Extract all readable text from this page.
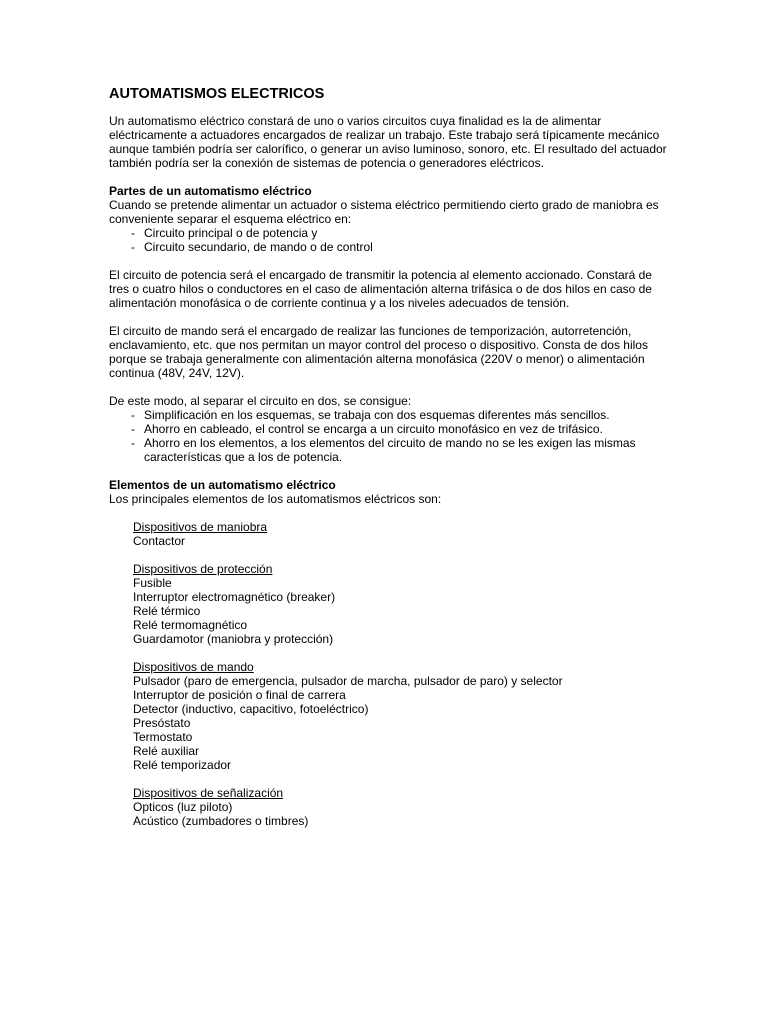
AUTOMATISMOS ELECTRICOS

Un automatismo eléctrico constará de uno o varios circuitos cuya finalidad es la de alimentar eléctricamente a actuadores encargados de realizar un trabajo. Este trabajo será típicamente mecánico aunque también podría ser calorífico, o generar un aviso luminoso, sonoro, etc. El resultado del actuador también podría ser la conexión de sistemas de potencia o generadores eléctricos.

Partes de un automatismo eléctrico

Cuando se pretende alimentar un actuador o sistema eléctrico permitiendo cierto grado de maniobra es conveniente separar el esquema eléctrico en:

- Circuito principal o de potencia y
- Circuito secundario, de mando o de control

El circuito de potencia será el encargado de transmitir la potencia al elemento accionado. Constará de tres o cuatro hilos o conductores en el caso de alimentación alterna trifásica o de dos hilos en caso de alimentación monofásica o de corriente continua y a los niveles adecuados de tensión.

El circuito de mando será el encargado de realizar las funciones de temporización, autorretención, enclavamiento, etc. que nos permitan un mayor control del proceso o dispositivo. Consta de dos hilos porque se trabaja generalmente con alimentación alterna monofásica (220V o menor) o alimentación continua (48V, 24V, 12V).

De este modo, al separar el circuito en dos, se consigue:

- Simplificación en los esquemas, se trabaja con dos esquemas diferentes más sencillos.
- Ahorro en cableado, el control se encarga a un circuito monofásico en vez de trifásico.
- Ahorro en los elementos, a los elementos del circuito de mando no se les exigen las mismas características que a los de potencia.

Elementos de un automatismo eléctrico

Los principales elementos de los automatismos eléctricos son:

Dispositivos de maniobra
Contactor
Dispositivos de protección
Fusible
Interruptor electromagnético (breaker)
Relé térmico
Relé termomagnético
Guardamotor (maniobra y protección)
Dispositivos de mando
Pulsador (paro de emergencia, pulsador de marcha, pulsador de paro) y selector
Interruptor de posición o final de carrera
Detector (inductivo, capacitivo, fotoeléctrico)
Presóstato
Termostato
Relé auxiliar
Relé temporizador
Dispositivos de señalización
Opticos (luz piloto)
Acústico (zumbadores o timbres)
